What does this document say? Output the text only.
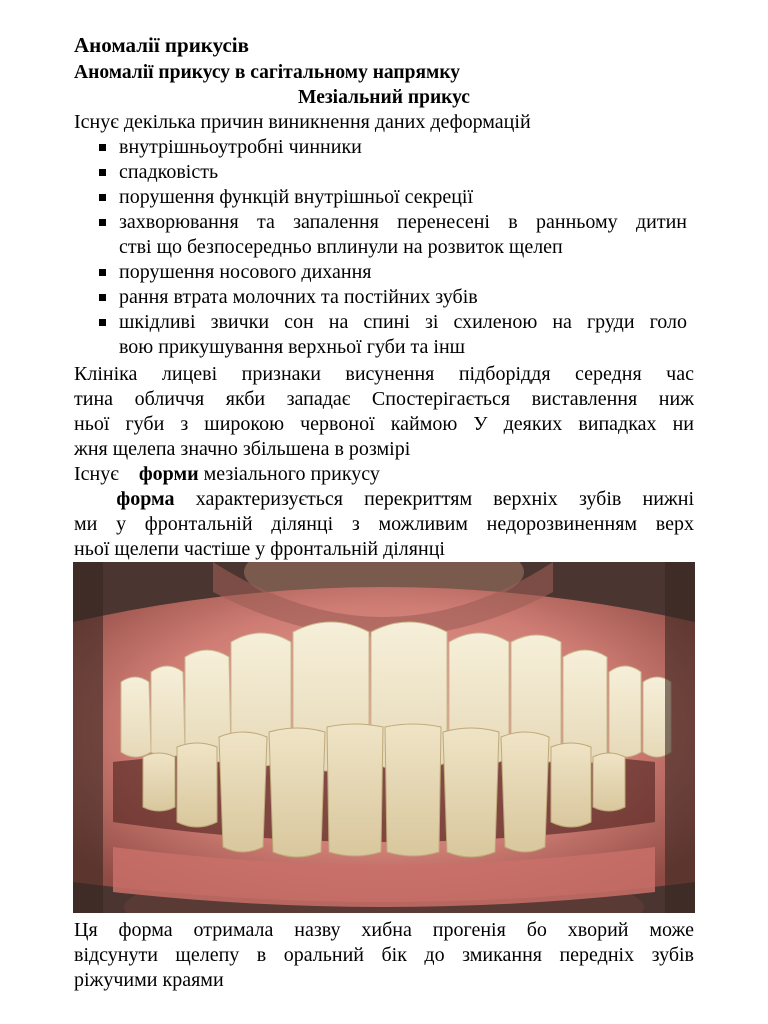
Аномалії прикусів
Аномалії прикусу в сагітальному напрямку
Мезіальний прикус
Існує декілька причин виникнення даних деформацій
внутрішньоутробні чинники
спадковість
порушення функцій внутрішньої секреції
захворювання та запалення перенесені в ранньому дитин
стві що безпосередньо вплинули на розвиток щелеп
порушення носового дихання
рання втрата молочних та постійних зубів
шкідливі звички сон на спині зі схиленою на груди голо
вою прикушування верхньої губи та інш
Клініка лицеві признаки висунення підборіддя середня час
тина обличчя якби западає Спостерігається виставлення ниж
ньої губи з широкою червоної каймою У деяких випадках ни
жня щелепа значно збільшена в розмірі
Існує    форми мезіального прикусу
форма характеризується перекриттям верхніх зубів нижні
ми у фронтальній ділянці з можливим недорозвиненням верх
ньої щелепи частіше у фронтальній ділянці
Ця форма отримала назву хибна прогенія бо хворий може
відсунути щелепу в оральний бік до змикання передніх зубів
ріжучими краями
